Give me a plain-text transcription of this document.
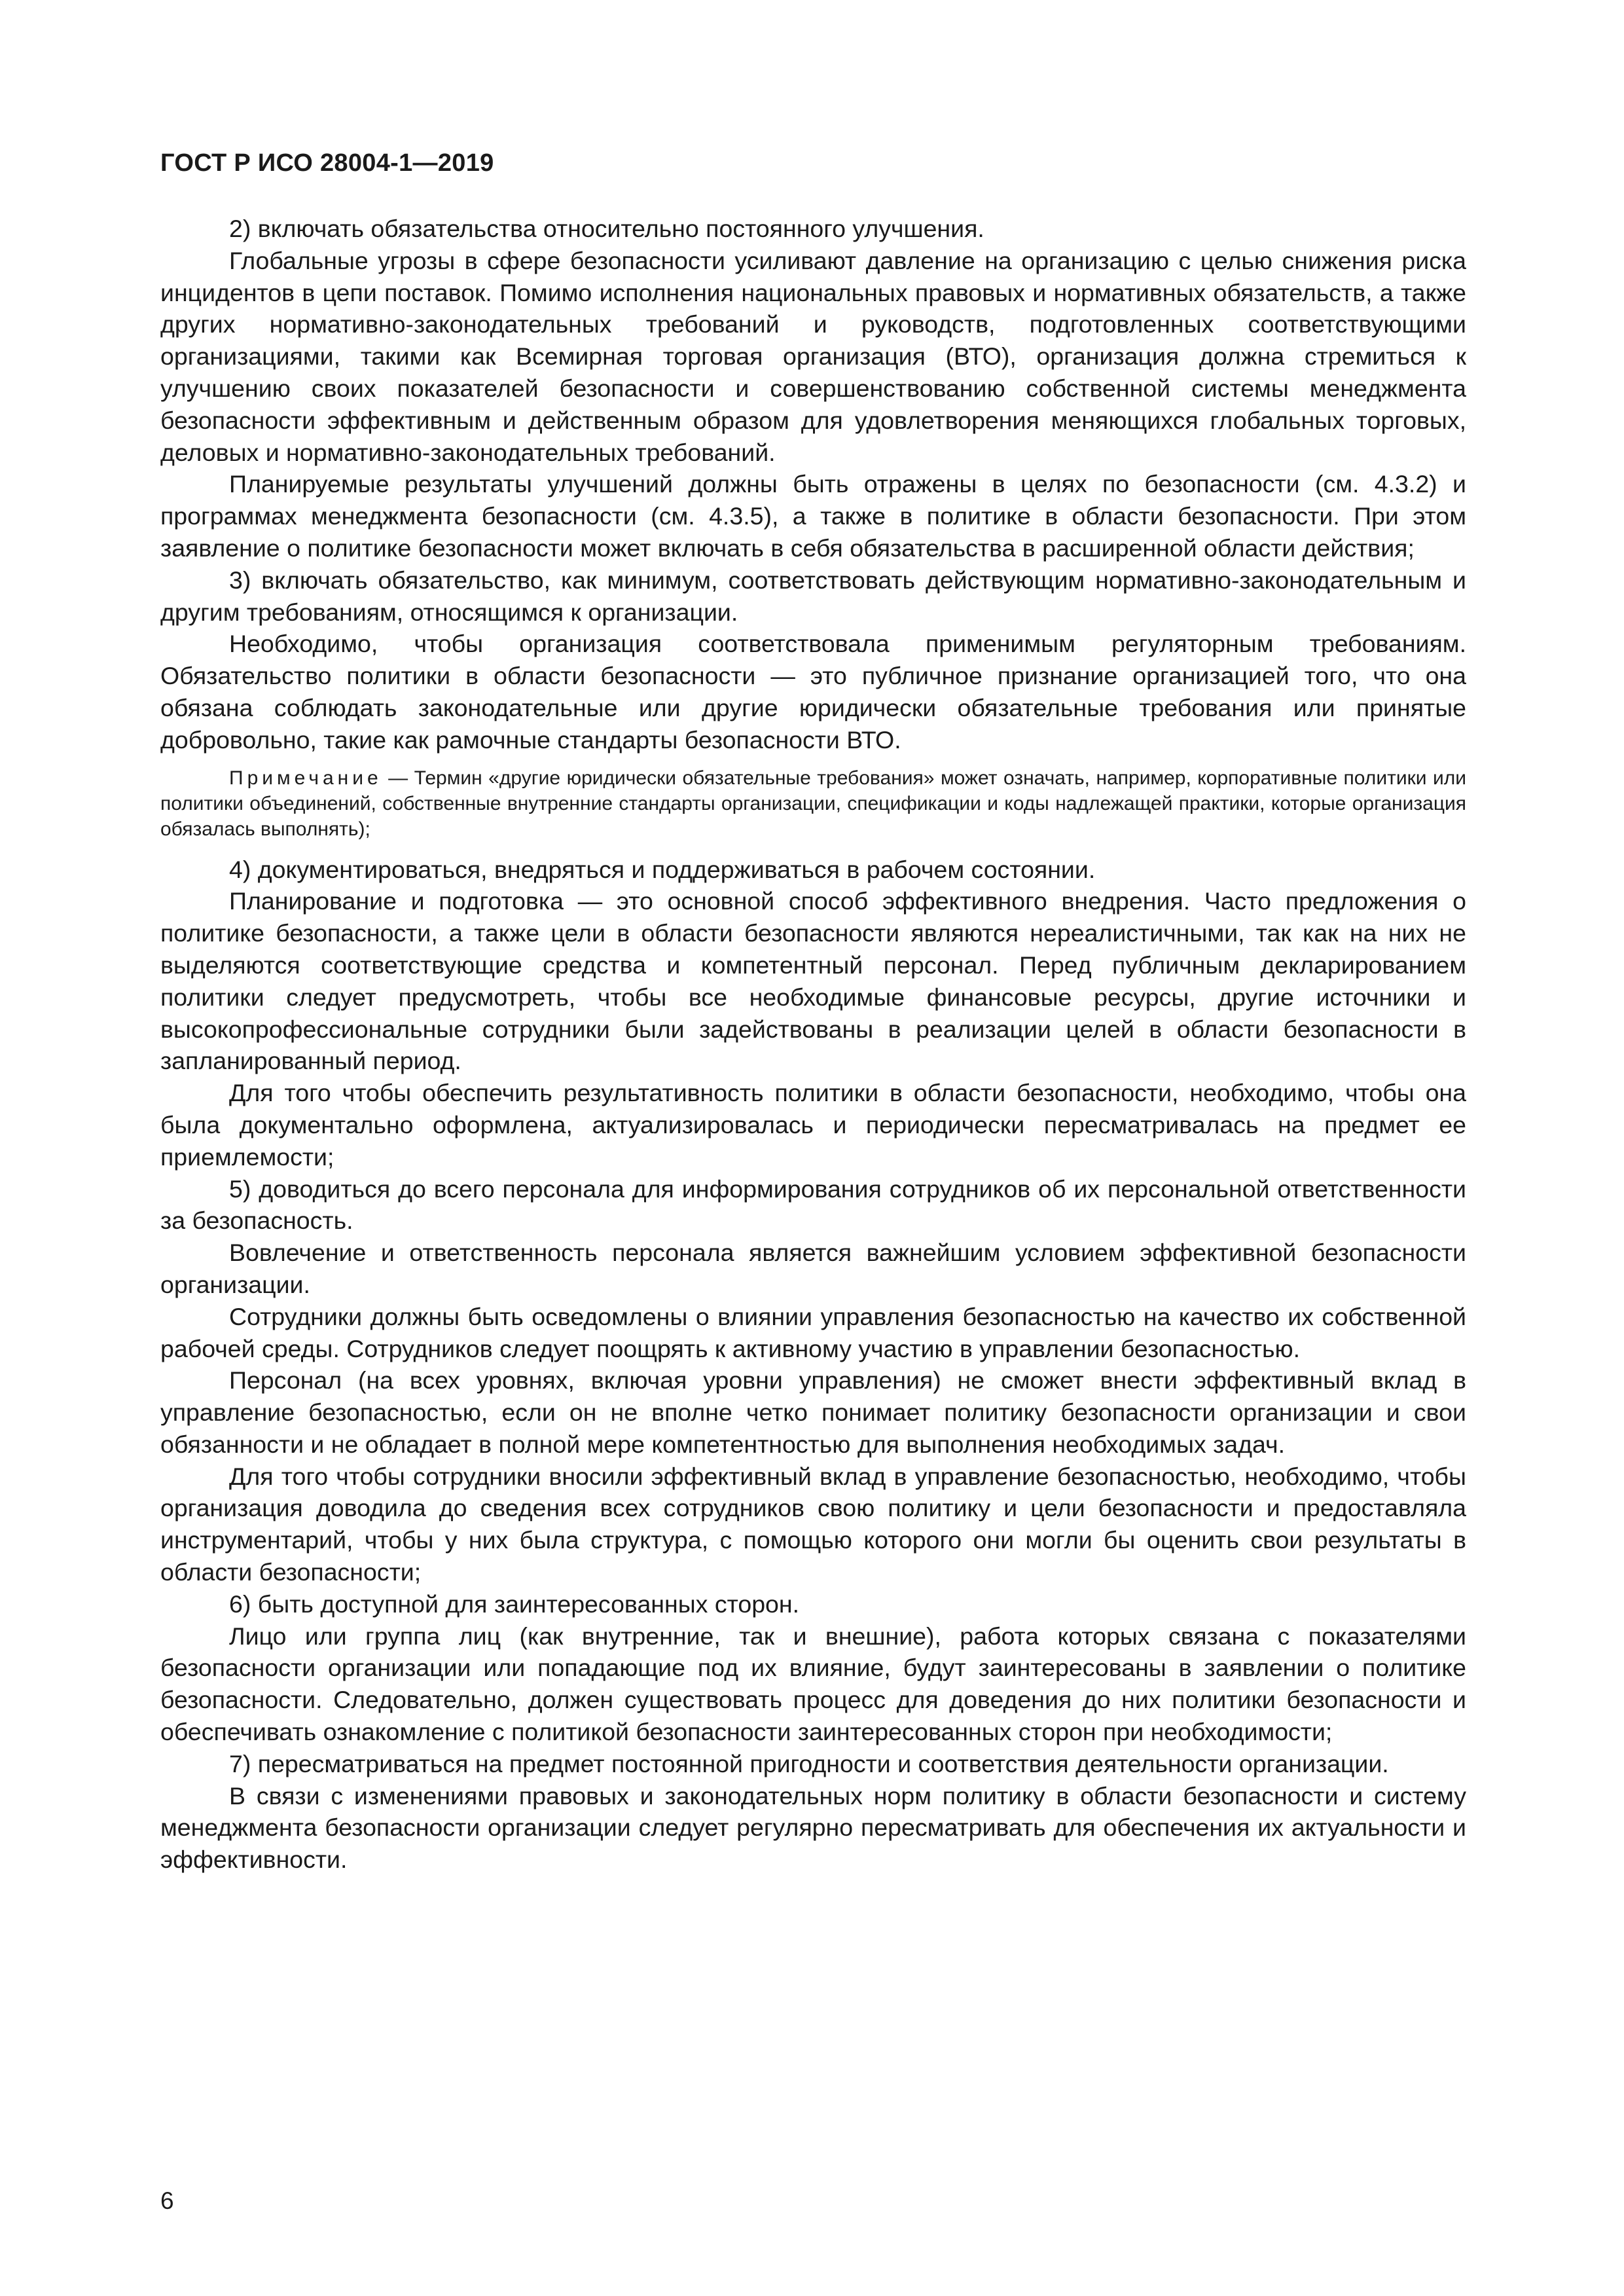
ГОСТ Р ИСО 28004-1—2019

2) включать обязательства относительно постоянного улучшения.

Глобальные угрозы в сфере безопасности усиливают давление на организацию с целью снижения риска инцидентов в цепи поставок. Помимо исполнения национальных правовых и нормативных обязательств, а также других нормативно-законодательных требований и руководств, подготовленных соответствующими организациями, такими как Всемирная торговая организация (ВТО), организация должна стремиться к улучшению своих показателей безопасности и совершенствованию собственной системы менеджмента безопасности эффективным и действенным образом для удовлетворения меняющихся глобальных торговых, деловых и нормативно-законодательных требований.

Планируемые результаты улучшений должны быть отражены в целях по безопасности (см. 4.3.2) и программах менеджмента безопасности (см. 4.3.5), а также в политике в области безопасности. При этом заявление о политике безопасности может включать в себя обязательства в расширенной области действия;

3) включать обязательство, как минимум, соответствовать действующим нормативно-законодательным и другим требованиям, относящимся к организации.

Необходимо, чтобы организация соответствовала применимым регуляторным требованиям. Обязательство политики в области безопасности — это публичное признание организацией того, что она обязана соблюдать законодательные или другие юридически обязательные требования или принятые добровольно, такие как рамочные стандарты безопасности ВТО.

Примечание — Термин «другие юридически обязательные требования» может означать, например, корпоративные политики или политики объединений, собственные внутренние стандарты организации, спецификации и коды надлежащей практики, которые организация обязалась выполнять);

4) документироваться, внедряться и поддерживаться в рабочем состоянии.

Планирование и подготовка — это основной способ эффективного внедрения. Часто предложения о политике безопасности, а также цели в области безопасности являются нереалистичными, так как на них не выделяются соответствующие средства и компетентный персонал. Перед публичным декларированием политики следует предусмотреть, чтобы все необходимые финансовые ресурсы, другие источники и высокопрофессиональные сотрудники были задействованы в реализации целей в области безопасности в запланированный период.

Для того чтобы обеспечить результативность политики в области безопасности, необходимо, чтобы она была документально оформлена, актуализировалась и периодически пересматривалась на предмет ее приемлемости;

5) доводиться до всего персонала для информирования сотрудников об их персональной ответственности за безопасность.

Вовлечение и ответственность персонала является важнейшим условием эффективной безопасности организации.

Сотрудники должны быть осведомлены о влиянии управления безопасностью на качество их собственной рабочей среды. Сотрудников следует поощрять к активному участию в управлении безопасностью.

Персонал (на всех уровнях, включая уровни управления) не сможет внести эффективный вклад в управление безопасностью, если он не вполне четко понимает политику безопасности организации и свои обязанности и не обладает в полной мере компетентностью для выполнения необходимых задач.

Для того чтобы сотрудники вносили эффективный вклад в управление безопасностью, необходимо, чтобы организация доводила до сведения всех сотрудников свою политику и цели безопасности и предоставляла инструментарий, чтобы у них была структура, с помощью которого они могли бы оценить свои результаты в области безопасности;

6) быть доступной для заинтересованных сторон.

Лицо или группа лиц (как внутренние, так и внешние), работа которых связана с показателями безопасности организации или попадающие под их влияние, будут заинтересованы в заявлении о политике безопасности. Следовательно, должен существовать процесс для доведения до них политики безопасности и обеспечивать ознакомление с политикой безопасности заинтересованных сторон при необходимости;

7) пересматриваться на предмет постоянной пригодности и соответствия деятельности организации.

В связи с изменениями правовых и законодательных норм политику в области безопасности и систему менеджмента безопасности организации следует регулярно пересматривать для обеспечения их актуальности и эффективности.

6
